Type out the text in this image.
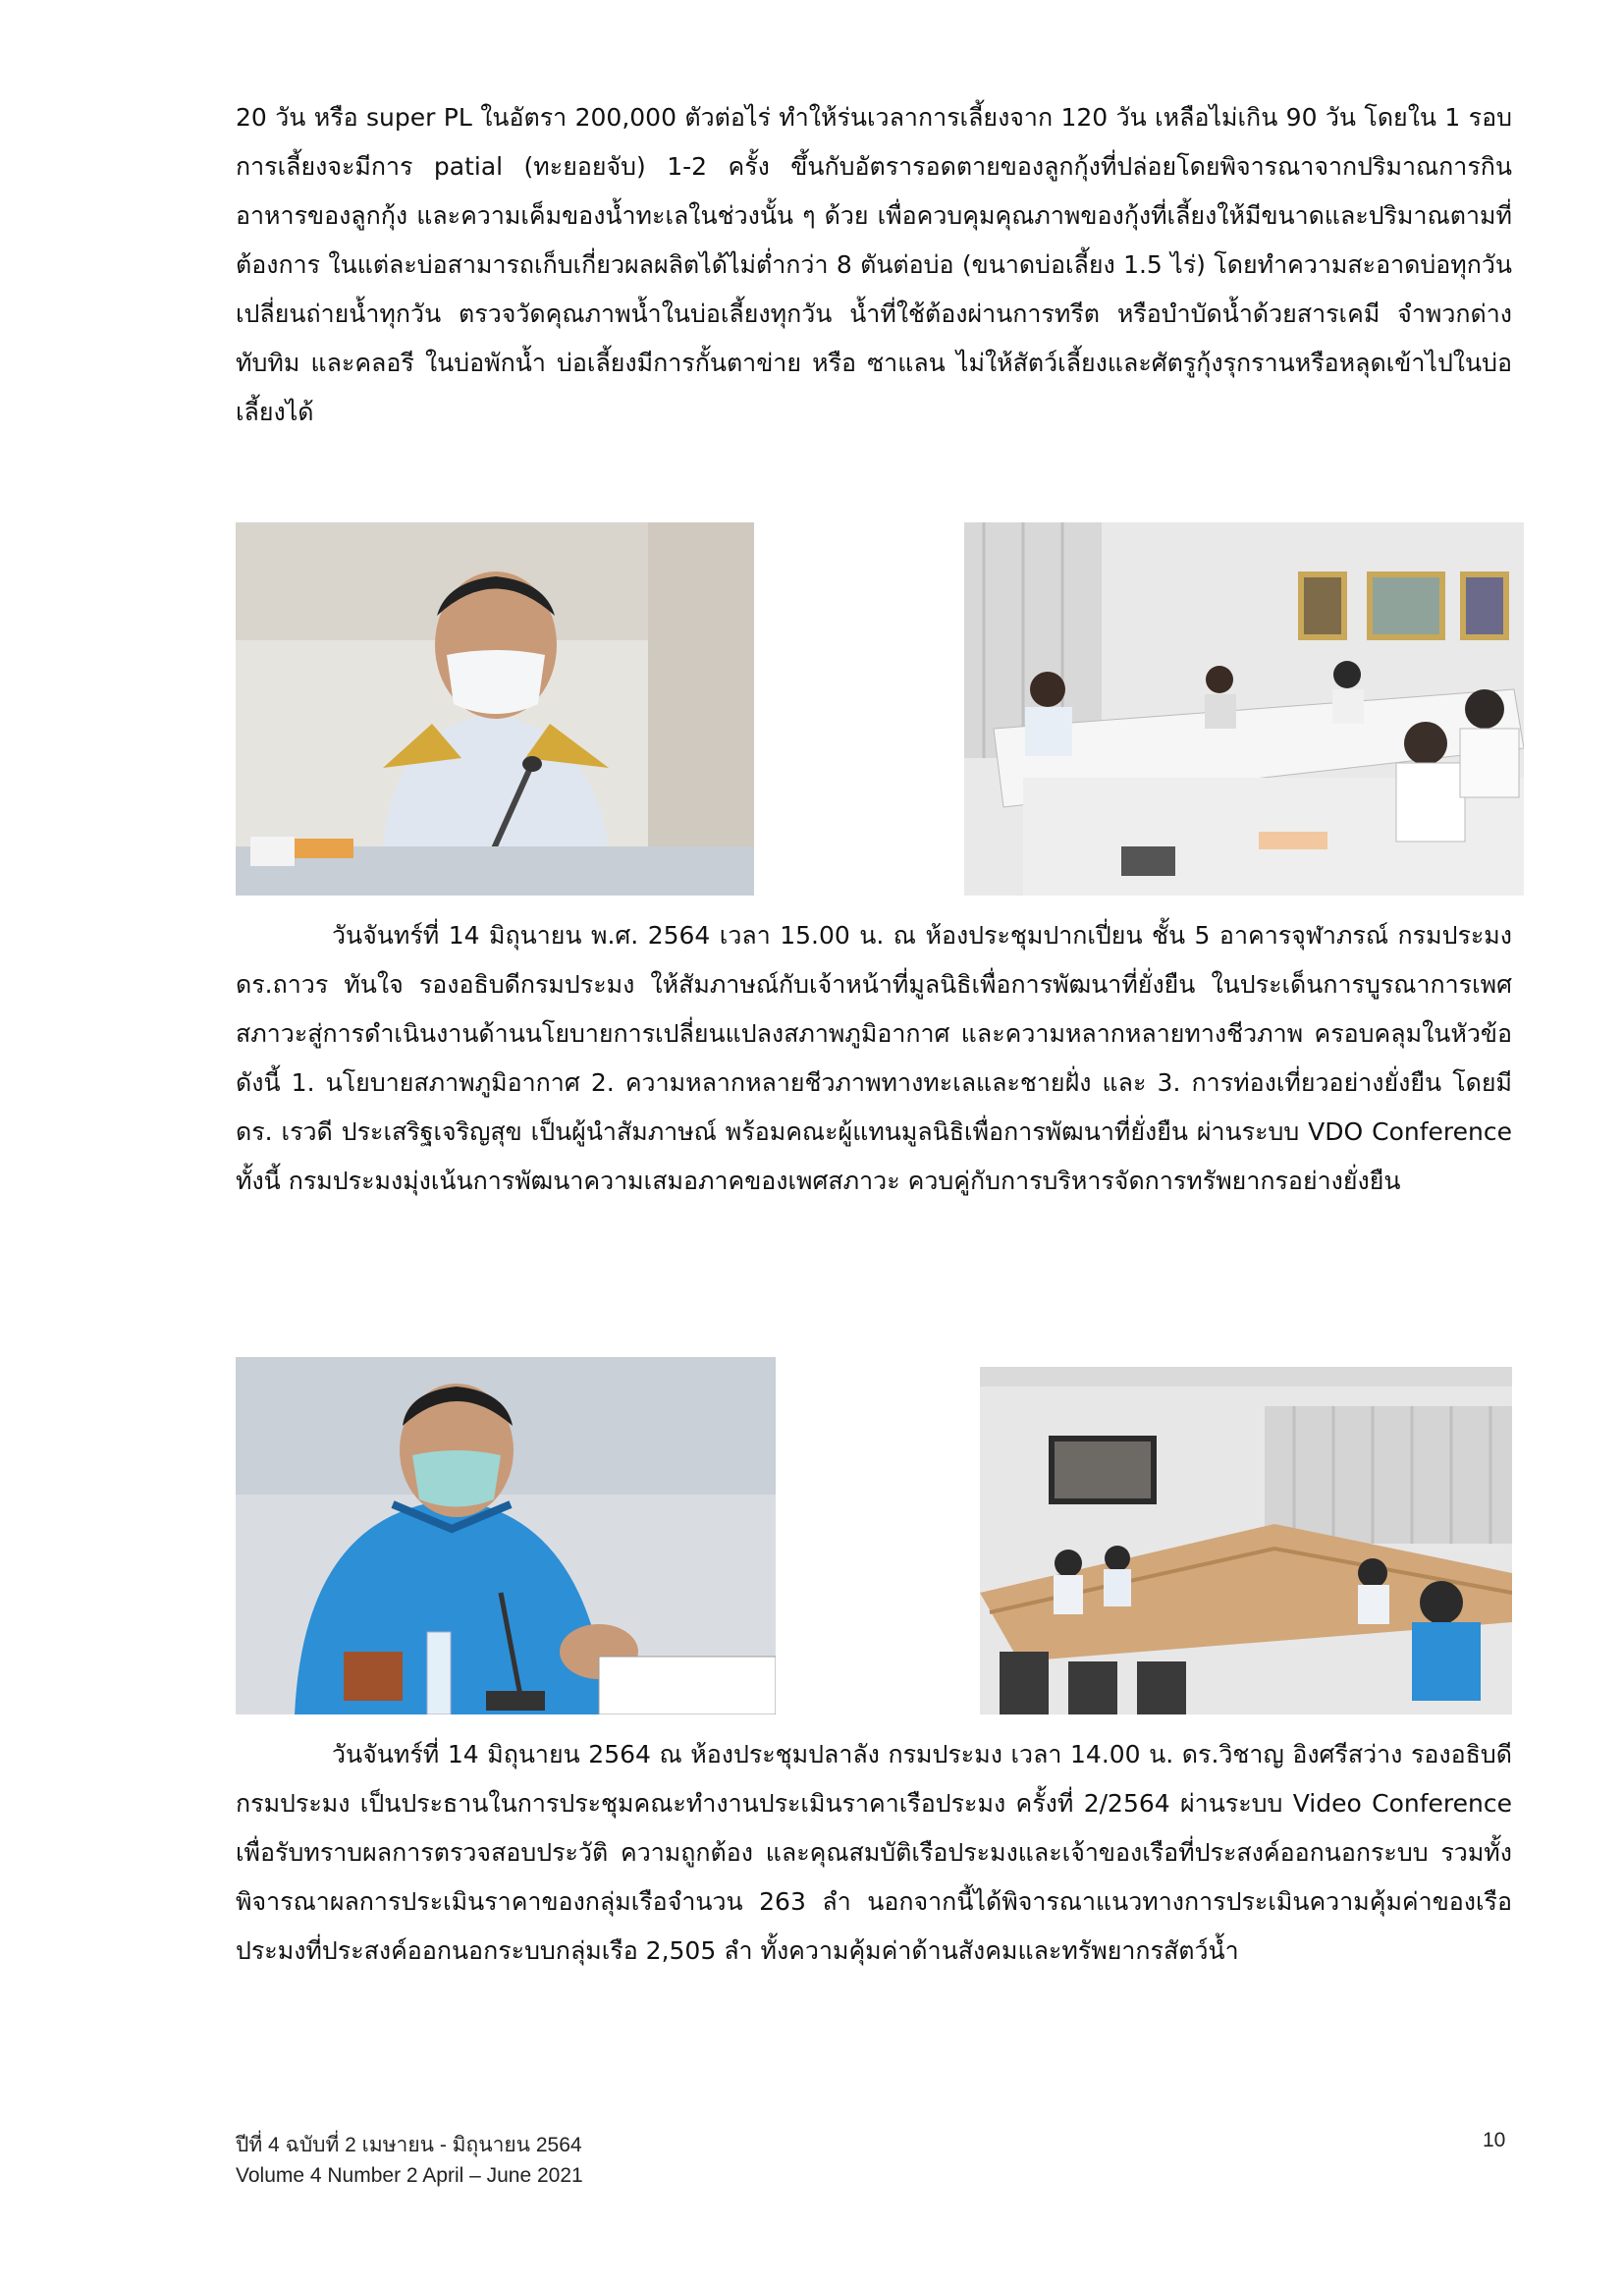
20 วัน หรือ super PL ในอัตรา 200,000 ตัวต่อไร่ ทำให้ร่นเวลาการเลี้ยงจาก 120 วัน เหลือไม่เกิน 90 วัน โดยใน 1 รอบการเลี้ยงจะมีการ patial (ทะยอยจับ) 1-2 ครั้ง ขึ้นกับอัตรารอดตายของลูกกุ้งที่ปล่อยโดยพิจารณาจากปริมาณการกินอาหารของลูกกุ้ง และความเค็มของน้ำทะเลในช่วงนั้น ๆ ด้วย เพื่อควบคุมคุณภาพของกุ้งที่เลี้ยงให้มีขนาดและปริมาณตามที่ต้องการ ในแต่ละบ่อสามารถเก็บเกี่ยวผลผลิตได้ไม่ต่ำกว่า 8 ตันต่อบ่อ (ขนาดบ่อเลี้ยง 1.5 ไร่) โดยทำความสะอาดบ่อทุกวัน เปลี่ยนถ่ายน้ำทุกวัน ตรวจวัดคุณภาพน้ำในบ่อเลี้ยงทุกวัน น้ำที่ใช้ต้องผ่านการทรีต หรือบำบัดน้ำด้วยสารเคมี จำพวกด่างทับทิม และคลอรี ในบ่อพักน้ำ บ่อเลี้ยงมีการกั้นตาข่าย หรือ ซาแลน ไม่ให้สัตว์เลี้ยงและศัตรูกุ้งรุกรานหรือหลุดเข้าไปในบ่อเลี้ยงได้
วันจันทร์ที่ 14 มิถุนายน พ.ศ. 2564 เวลา 15.00 น. ณ ห้องประชุมปากเปี่ยน ชั้น 5 อาคารจุฬาภรณ์ กรมประมง ดร.ถาวร ทันใจ รองอธิบดีกรมประมง ให้สัมภาษณ์กับเจ้าหน้าที่มูลนิธิเพื่อการพัฒนาที่ยั่งยืน ในประเด็นการบูรณาการเพศสภาวะสู่การดำเนินงานด้านนโยบายการเปลี่ยนแปลงสภาพภูมิอากาศ และความหลากหลายทางชีวภาพ ครอบคลุมในหัวข้อดังนี้ 1. นโยบายสภาพภูมิอากาศ 2. ความหลากหลายชีวภาพทางทะเลและชายฝั่ง และ 3. การท่องเที่ยวอย่างยั่งยืน โดยมี ดร. เรวดี ประเสริฐเจริญสุข เป็นผู้นำสัมภาษณ์ พร้อมคณะผู้แทนมูลนิธิเพื่อการพัฒนาที่ยั่งยืน ผ่านระบบ VDO Conference ทั้งนี้ กรมประมงมุ่งเน้นการพัฒนาความเสมอภาคของเพศสภาวะ ควบคู่กับการบริหารจัดการทรัพยากรอย่างยั่งยืน
วันจันทร์ที่ 14 มิถุนายน 2564 ณ ห้องประชุมปลาลัง กรมประมง เวลา 14.00 น. ดร.วิชาญ อิงศรีสว่าง รองอธิบดีกรมประมง เป็นประธานในการประชุมคณะทำงานประเมินราคาเรือประมง ครั้งที่ 2/2564 ผ่านระบบ Video Conference เพื่อรับทราบผลการตรวจสอบประวัติ ความถูกต้อง และคุณสมบัติเรือประมงและเจ้าของเรือที่ประสงค์ออกนอกระบบ รวมทั้งพิจารณาผลการประเมินราคาของกลุ่มเรือจำนวน 263 ลำ นอกจากนี้ได้พิจารณาแนวทางการประเมินความคุ้มค่าของเรือประมงที่ประสงค์ออกนอกระบบกลุ่มเรือ 2,505 ลำ ทั้งความคุ้มค่าด้านสังคมและทรัพยากรสัตว์น้ำ
ปีที่ 4 ฉบับที่ 2 เมษายน - มิถุนายน 2564
Volume 4 Number 2 April – June 2021
10
